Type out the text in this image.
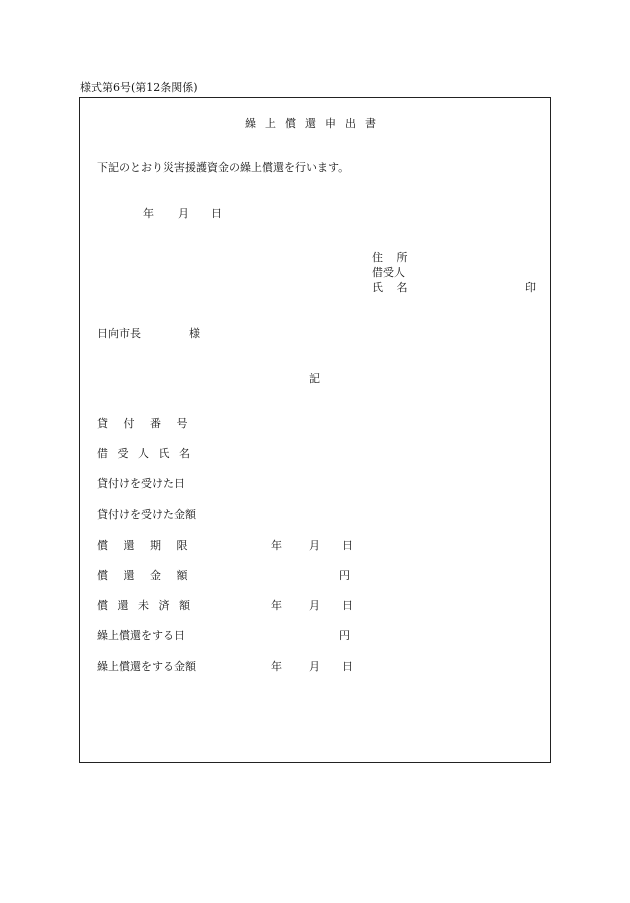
様式第6号(第12条関係)
繰上償還申出書
下記のとおり災害援護資金の繰上償還を行います。
年 月 日
住 所
借受人
氏 名	印
日向市長	様
記
貸 付 番 号
借 受 人 氏 名
貸付けを受けた日
貸付けを受けた金額
償 還 期 限	年 月 日
償 還 金 額	円
償 還 未 済 額	年 月 日
繰上償還をする日	円
繰上償還をする金額	年 月 日
